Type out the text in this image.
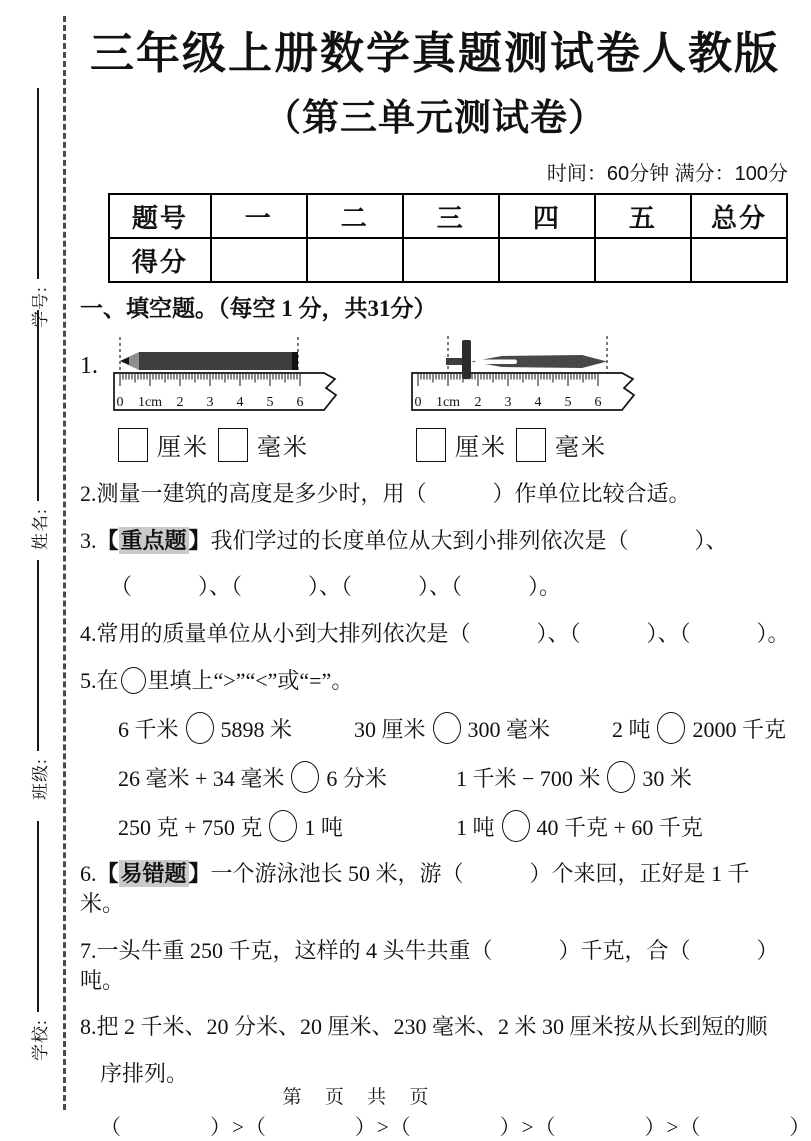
学号:
姓名:
班级:
学校:
三年级上册数学真题测试卷人教版
（第三单元测试卷）
时间：60分钟 满分：100分
题号	一	二	三	四	五	总分
得分						
一、填空题。（每空 1 分，共31分）
1.
0 1cm 2 3 4 5 6
厘米 毫米
0 1cm 2 3 4 5 6
厘米 毫米
2.测量一建筑的高度是多少时，用（　　　）作单位比较合适。
3.【重点题】我们学过的长度单位从大到小排列依次是（　　　）、
（　　　）、（　　　）、（　　　）、（　　　）。
4.常用的质量单位从小到大排列依次是（　　　）、（　　　）、（　　　）。
5.在 里填上“>”“<”或“=”。
6 千米 5898 米	30 厘米 300 毫米	2 吨 2000 千克
26 毫米 + 34 毫米 6 分米	1 千米 − 700 米 30 米
250 克 + 750 克 1 吨	1 吨 40 千克 + 60 千克
6.【易错题】一个游泳池长 50 米，游（　　　）个来回，正好是 1 千米。
7.一头牛重 250 千克，这样的 4 头牛共重（　　　）千克，合（　　　）吨。
8.把 2 千米、20 分米、20 厘米、230 毫米、2 米 30 厘米按从长到短的顺
序排列。
（　　　　）>（　　　　）>（　　　　）>（　　　　）>（　　　　）
第 页 共 页
